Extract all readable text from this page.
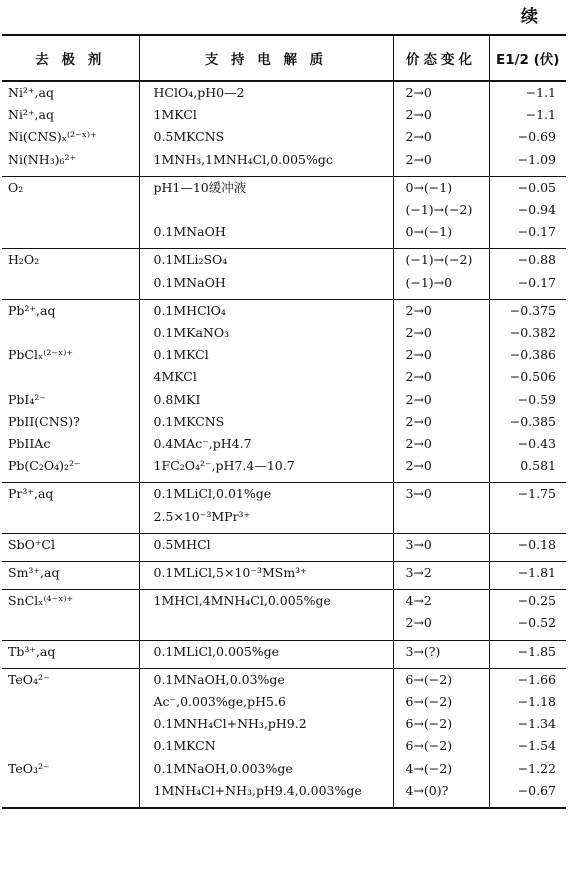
续
去 极 剂	支 持 电 解 质	价态变化	E1/2 (伏)
Ni²⁺,aq	HClO₄,pH0—2	2→0	−1.1
Ni²⁺,aq	1MKCl	2→0	−1.1
Ni(CNS)ₓ⁽²⁻ˣ⁾⁺	0.5MKCNS	2→0	−0.69
Ni(NH₃)₆²⁺	1MNH₃,1MNH₄Cl,0.005%gc	2→0	−1.09

O₂	pH1—10缓冲液	0→(−1)	−0.05
		(−1)→(−2)	−0.94
	0.1MNaOH	0→(−1)	−0.17

H₂O₂	0.1MLi₂SO₄	(−1)→(−2)	−0.88
	0.1MNaOH	(−1)→0	−0.17

Pb²⁺,aq	0.1MHClO₄	2→0	−0.375
	0.1MKaNO₃	2→0	−0.382
PbClₓ⁽²⁻ˣ⁾⁺	0.1MKCl	2→0	−0.386
	4MKCl	2→0	−0.506
PbI₄²⁻	0.8MKI	2→0	−0.59
PbII(CNS)?	0.1MKCNS	2→0	−0.385
PbIIAc	0.4MAc⁻,pH4.7	2→0	−0.43
Pb(C₂O₄)₂²⁻	1FC₂O₄²⁻,pH7.4—10.7	2→0	0.581

Pr³⁺,aq	0.1MLiCl,0.01%ge	3→0	−1.75
	2.5×10⁻³MPr³⁺		

SbO⁺Cl	0.5MHCl	3→0	−0.18

Sm³⁺,aq	0.1MLiCl,5×10⁻³MSm³⁺	3→2	−1.81

SnClₓ⁽⁴⁻ˣ⁾⁺	1MHCl,4MNH₄Cl,0.005%ge	4→2	−0.25
		2→0	−0.52

Tb³⁺,aq	0.1MLiCl,0.005%ge	3→(?)	−1.85

TeO₄²⁻	0.1MNaOH,0.03%ge	6→(−2)	−1.66
	Ac⁻,0.003%ge,pH5.6	6→(−2)	−1.18
	0.1MNH₄Cl+NH₃,pH9.2	6→(−2)	−1.34
	0.1MKCN	6→(−2)	−1.54
TeO₃²⁻	0.1MNaOH,0.003%ge	4→(−2)	−1.22
	1MNH₄Cl+NH₃,pH9.4,0.003%ge	4→(0)?	−0.67
